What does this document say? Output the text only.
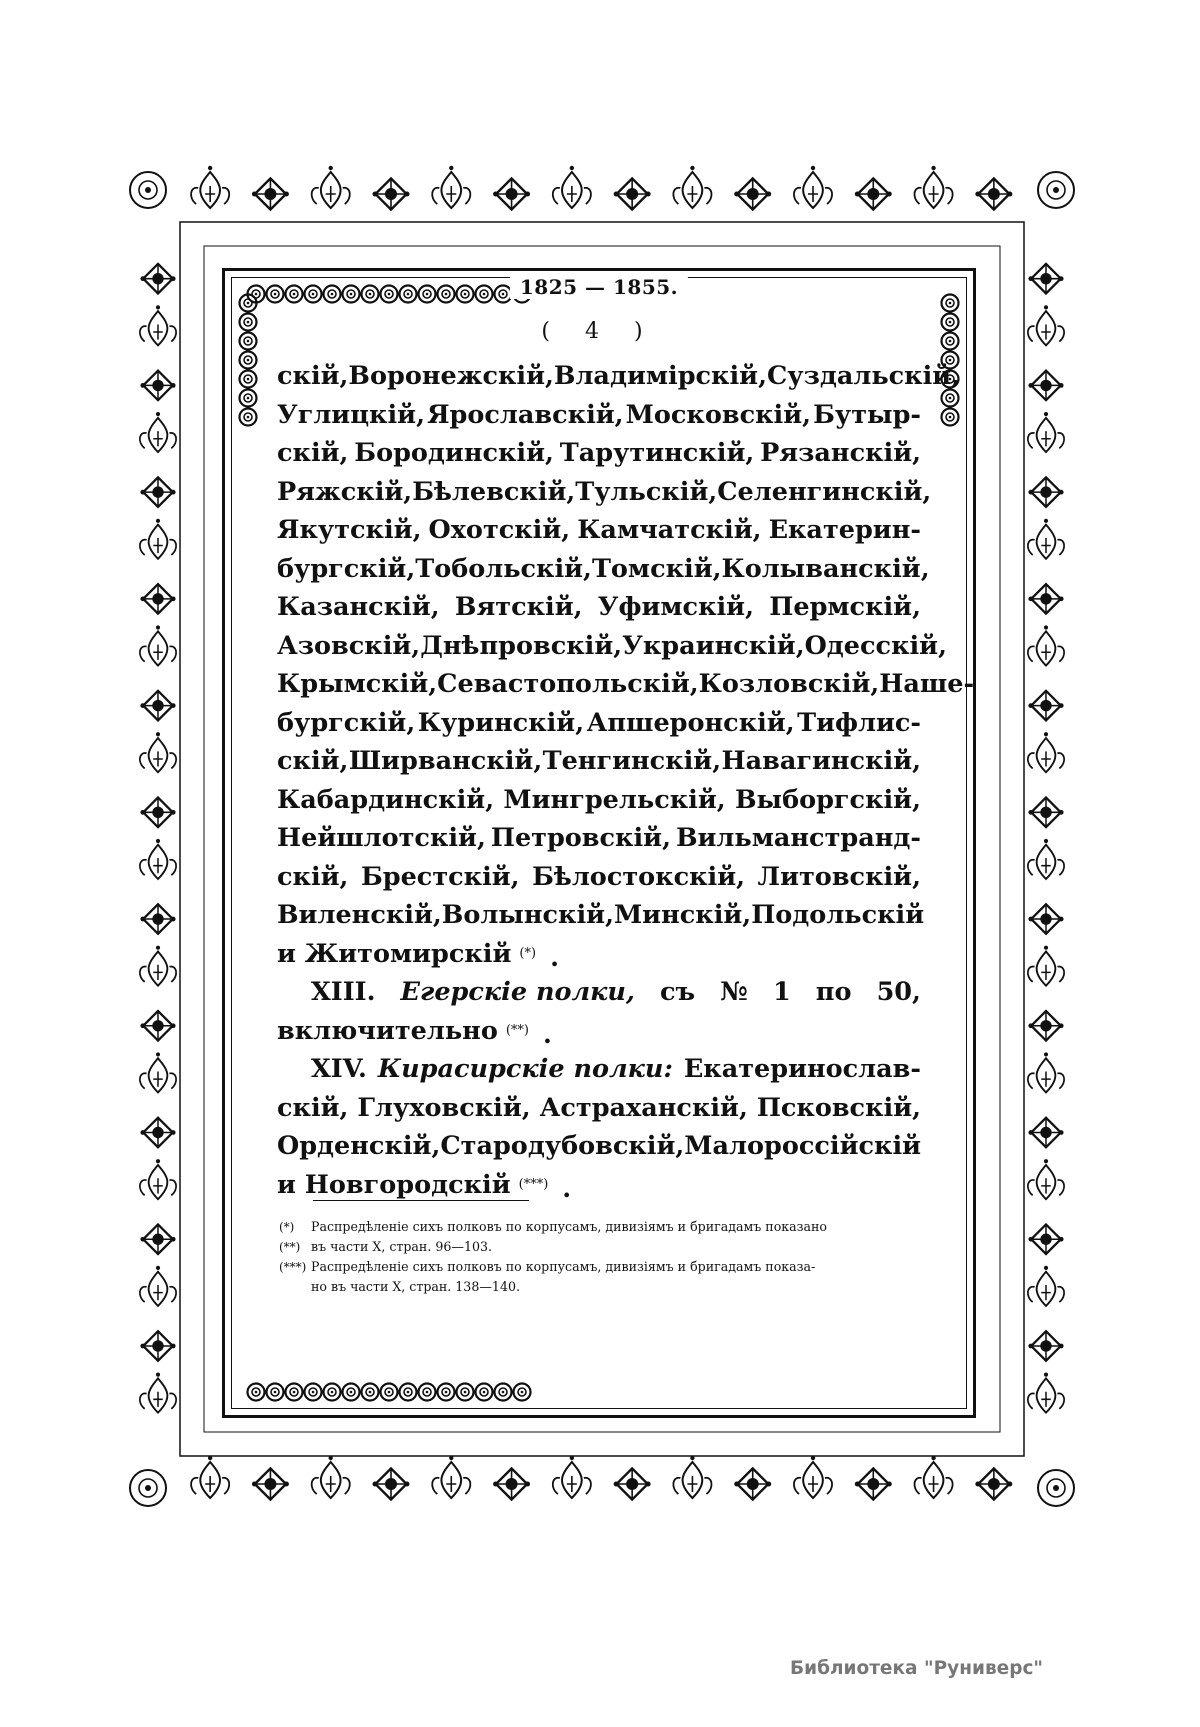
1825 — 1855.
( 4 )
скій, Воронежскій, Владимірскій, Суздальскій,
Углицкій, Ярославскій, Московскій, Бутыр-
скій, Бородинскій, Тарутинскій, Рязанскій,
Ряжскій, Бѣлевскій, Тульскій, Селенгинскій,
Якутскій, Охотскій, Камчатскій, Екатерин-
бургскій, Тобольскій, Томскій, Колыванскій,
Казанскій, Вятскій, Уфимскій, Пермскій,
Азовскій, Днѣпровскій, Украинскій, Одесскій,
Крымскій, Севастопольскій, Козловскій, Наше-
бургскій, Куринскій, Апшеронскій, Тифлис-
скій, Ширванскій, Тенгинскій, Навагинскій,
Кабардинскій, Мингрельскій, Выборгскій,
Нейшлотскій, Петровскій, Вильманстранд-
скій, Брестскій, Бѣлостокскій, Литовскій,
Виленскій, Волынскій, Минскій, Подольскій
и Житомирскій (*) .
XIII. Егерскіе полки, съ № 1 по 50,
включительно (**) .
XIV. Кирасирскіе полки: Екатеринослав-
скій, Глуховскій, Астраханскій, Псковскій,
Орденскій, Стародубовскій, Малороссійскій
и Новгородскій (***) .
(*)	Распредѣленіе сихъ полковъ по корпусамъ, дивизіямъ и бригадамъ показано
(**) въ части X, стран. 96—103.
(***) Распредѣленіе сихъ полковъ по корпусамъ, дивизіямъ и бригадамъ показа-
но въ части X, стран. 138—140.
Библиотека "Руниверс"
